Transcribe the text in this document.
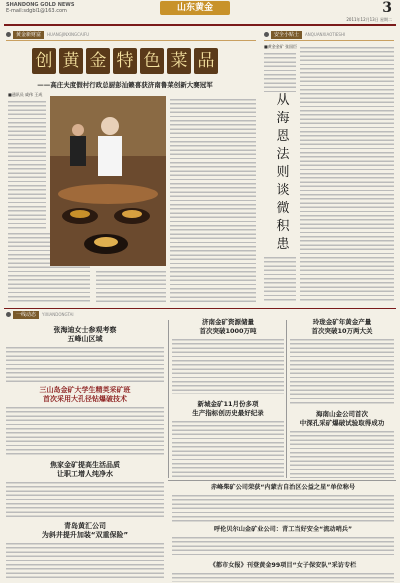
SHANDONG GOLD NEWS
E-mail:sdgbl1@163.com	山东黄金	3
2011年12月13日 星期二
黄金新财富 HUANGJINXINGCAIFU	安全小贴士 ANQUANXIAOTIESHI
创 黄 金 特 色 菜 品
——高庄夫度假村行政总厨彭汕籁喜获济南鲁菜创新大赛冠军
■通讯员 咸伟 王成
■黄金金矿 张国臣
从
海
恩
法
则
谈
微
积
患
一线动态 YIXIANDONGTAI
张海迪女士参观考察
五峰山区域
三山岛金矿大学生精英采矿班
首次采用大孔径钻爆破技术
焦家金矿提高生活品质
让职工增人纯净水
青岛黄汇公司
为斜井提升加装“双重保险”
济南金矿资源储量
首次突破1000万吨
新城金矿11月份多项
生产指标创历史最好纪录
玲珑金矿年黄金产量
首次突破10万两大关
海南山金公司首次
中深孔采矿爆破试验取得成功
赤峰柴矿公司荣获“内蒙古自治区公益之星”单位称号
呼伦贝尔山金矿业公司：青工当好安全“流动哨兵”
《都市女报》刊登黄金99项目“女子保安队”采访专栏
